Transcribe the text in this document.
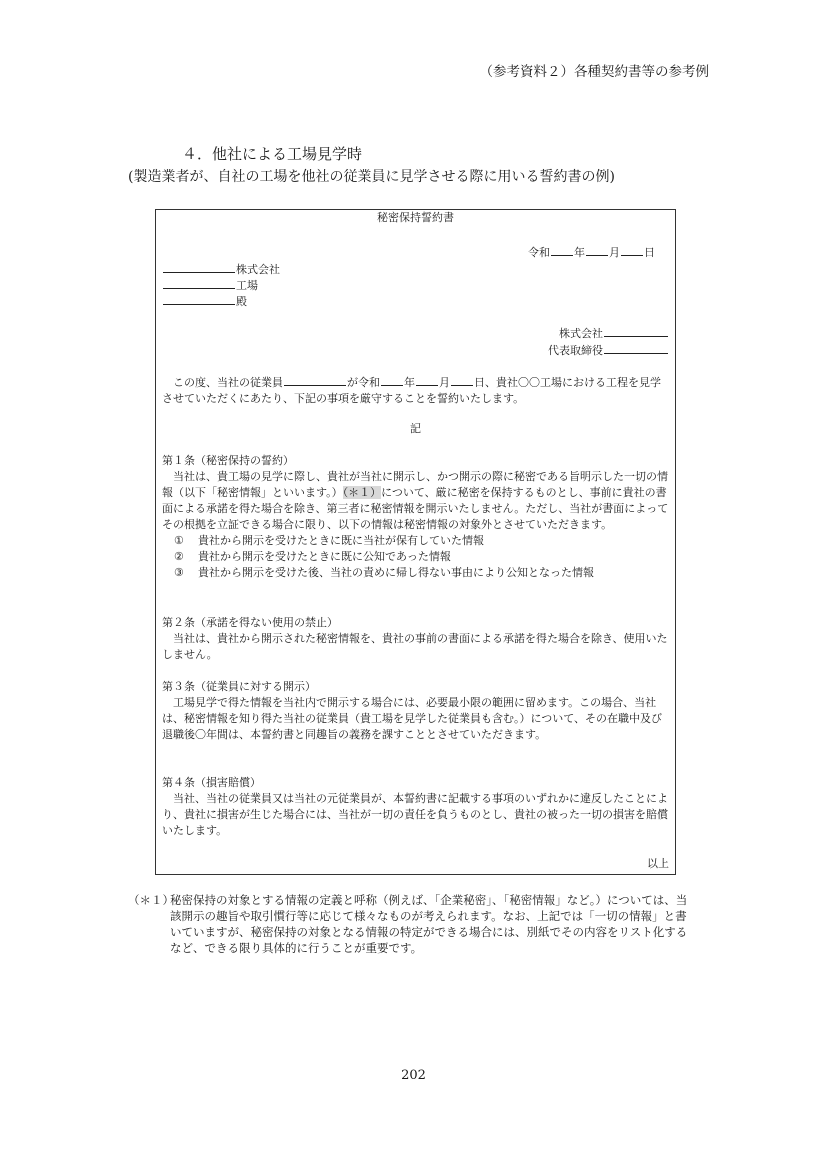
（参考資料２）各種契約書等の参考例
４．他社による工場見学時
(製造業者が、自社の工場を他社の従業員に見学させる際に用いる誓約書の例)
秘密保持誓約書
令和 年 月 日
株式会社
工場
殿
株式会社
代表取締役
この度、当社の従業員	が令和 年 月 日、貴社〇〇工場における工程を見学させていただくにあたり、下記の事項を厳守することを誓約いたします。
記
第１条（秘密保持の誓約）
当社は、貴工場の見学に際し、貴社が当社に開示し、かつ開示の際に秘密である旨明示した一切の情報（以下「秘密情報」といいます。）（＊１）について、厳に秘密を保持するものとし、事前に貴社の書面による承諾を得た場合を除き、第三者に秘密情報を開示いたしません。ただし、当社が書面によってその根拠を立証できる場合に限り、以下の情報は秘密情報の対象外とさせていただきます。
① 貴社から開示を受けたときに既に当社が保有していた情報
② 貴社から開示を受けたときに既に公知であった情報
③ 貴社から開示を受けた後、当社の責めに帰し得ない事由により公知となった情報
第２条（承諾を得ない使用の禁止）
当社は、貴社から開示された秘密情報を、貴社の事前の書面による承諾を得た場合を除き、使用いたしません。
第３条（従業員に対する開示）
工場見学で得た情報を当社内で開示する場合には、必要最小限の範囲に留めます。この場合、当社は、秘密情報を知り得た当社の従業員（貴工場を見学した従業員も含む。）について、その在職中及び退職後〇年間は、本誓約書と同趣旨の義務を課すこととさせていただきます。
第４条（損害賠償）
当社、当社の従業員又は当社の元従業員が、本誓約書に記載する事項のいずれかに違反したことにより、貴社に損害が生じた場合には、当社が一切の責任を負うものとし、貴社の被った一切の損害を賠償いたします。
以上
（＊１）
秘密保持の対象とする情報の定義と呼称（例えば、「企業秘密」、「秘密情報」など。）については、当該開示の趣旨や取引慣行等に応じて様々なものが考えられます。なお、上記では「一切の情報」と書いていますが、秘密保持の対象となる情報の特定ができる場合には、別紙でその内容をリスト化するなど、できる限り具体的に行うことが重要です。
202
